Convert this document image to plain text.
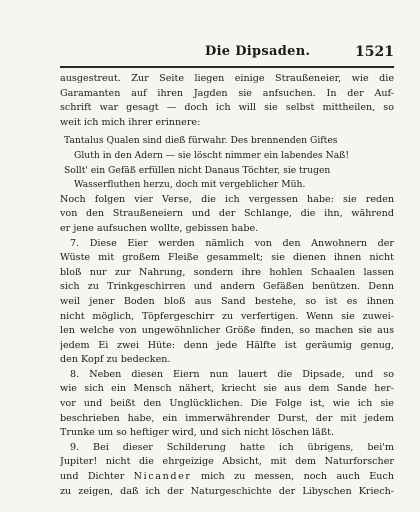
Die Dipsaden.	1521
ausgestreut. Zur Seite liegen einige Straußeneier, wie die
Garamanten auf ihren Jagden sie anfsuchen. In der Auf-
schrift war gesagt — doch ich will sie selbst mittheilen, so
weit ich mich ihrer erinnere:
Tantalus Qualen sind dieß fürwahr. Des brennenden Giftes
Gluth in den Adern — sie löscht nimmer ein labendes Naß!
Sollt' ein Gefäß erfüllen nicht Danaus Töchter, sie trugen
Wasserfluthen herzu, doch mit vergeblicher Müh.
Noch folgen vier Verse, die ich vergessen habe: sie reden
von den Straußeneiern und der Schlange, die ihn, während
er jene aufsuchen wollte, gebissen habe.
7. Diese Eier werden nämlich von den Anwohnern der
Wüste mit großem Fleiße gesammelt; sie dienen ihnen nicht
bloß nur zur Nahrung, sondern ihre hohlen Schaalen lassen
sich zu Trinkgeschirren und andern Gefäßen benützen. Denn
weil jener Boden bloß aus Sand bestehe, so ist es ihnen
nicht möglich, Töpfergeschirr zu verfertigen. Wenn sie zuwei-
len welche von ungewöhnlicher Größe finden, so machen sie aus
jedem Ei zwei Hüte: denn jede Hälfte ist geräumig genug,
den Kopf zu bedecken.
8. Neben diesen Eiern nun lauert die Dipsade, und so
wie sich ein Mensch nähert, kriecht sie aus dem Sande her-
vor und beißt den Unglücklichen. Die Folge ist, wie ich sie
beschrieben habe, ein immerwährender Durst, der mit jedem
Trunke um so heftiger wird, und sich nicht löschen läßt.
9. Bei dieser Schilderung hatte ich übrigens, bei'm
Jupiter! nicht die ehrgeizige Absicht, mit dem Naturforscher
und Dichter Nicander mich zu messen, noch auch Euch
zu zeigen, daß ich der Naturgeschichte der Libyschen Kriech-
